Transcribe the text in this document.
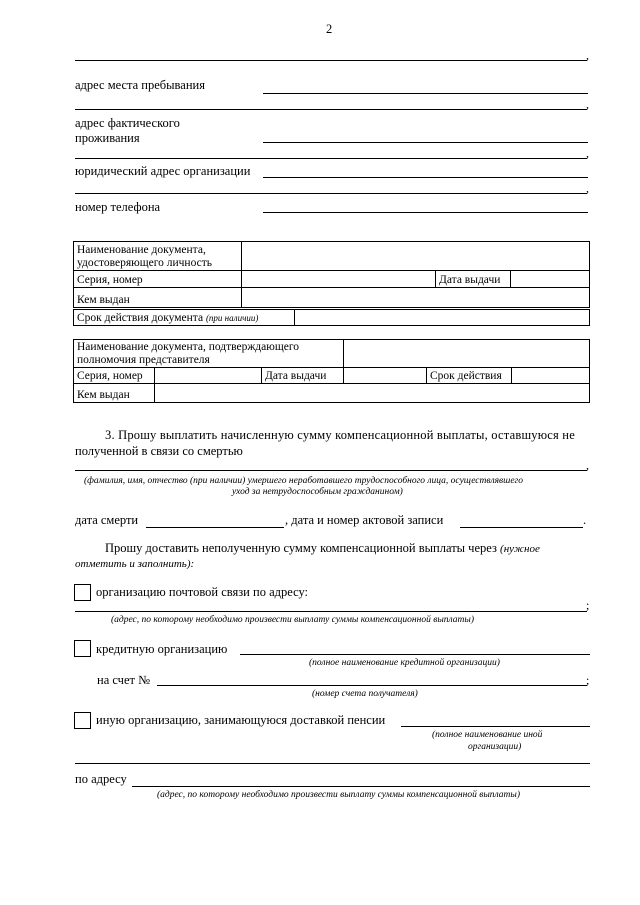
2
,
адрес места пребывания
,
адрес фактического
проживания
,
юридический адрес организации
,
номер телефона
Наименование документа,
удостоверяющего личность			

Серия, номер		Дата выдачи	
Кем выдан			
Срок действия документа (при наличии)	
Наименование документа, подтверждающего
полномочия представителя					

Серия, номер		Дата выдачи		Срок действия	
Кем выдан					
3. Прошу выплатить начисленную сумму компенсационной выплаты, оставшуюся не
полученной в связи со смертью
,
(фамилия, имя, отчество (при наличии) умершего неработавшего трудоспособного лица, осуществлявшего
уход за нетрудоспособным гражданином)
дата смерти	, дата и номер актовой записи	.
Прошу доставить неполученную сумму компенсационной выплаты через (нужное
отметить и заполнить):
организацию почтовой связи по адресу:
;
(адрес, по которому необходимо произвести выплату суммы компенсационной выплаты)
кредитную организацию
(полное наименование кредитной организации)
на счет №	;
(номер счета получателя)
иную организацию, занимающуюся доставкой пенсии
(полное наименование иной
организации)
по адресу
(адрес, по которому необходимо произвести выплату суммы компенсационной выплаты)
